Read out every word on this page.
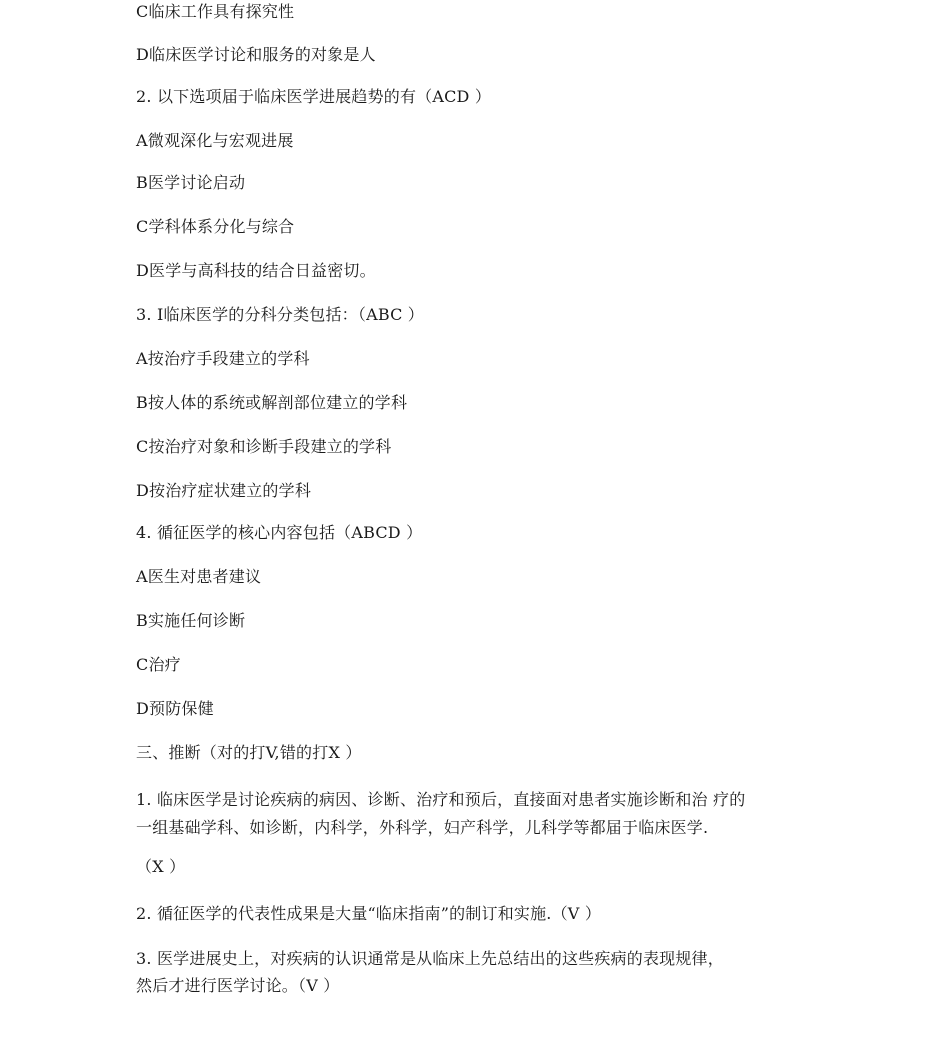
C临床工作具有探究性
D临床医学讨论和服务的对象是人
2. 以下选项届于临床医学进展趋势的有（ACD ）
A微观深化与宏观进展
B医学讨论启动
C学科体系分化与综合
D医学与高科技的结合日益密切。
3. I临床医学的分科分类包括：（ABC ）
A按治疗手段建立的学科
B按人体的系统或解剖部位建立的学科
C按治疗对象和诊断手段建立的学科
D按治疗症状建立的学科
4. 循征医学的核心内容包括（ABCD ）
A医生对患者建议
B实施任何诊断
C治疗
D预防保健
三、推断（对的打V,错的打X ）
1. 临床医学是讨论疾病的病因、诊断、治疗和预后，直接面对患者实施诊断和治 疗的
一组基础学科、如诊断，内科学，外科学，妇产科学，儿科学等都届于临床医学.
（X ）
2. 循征医学的代表性成果是大量“临床指南”的制订和实施.（V ）
3. 医学进展史上，对疾病的认识通常是从临床上先总结出的这些疾病的表现规律，
然后才进行医学讨论。（V ）
